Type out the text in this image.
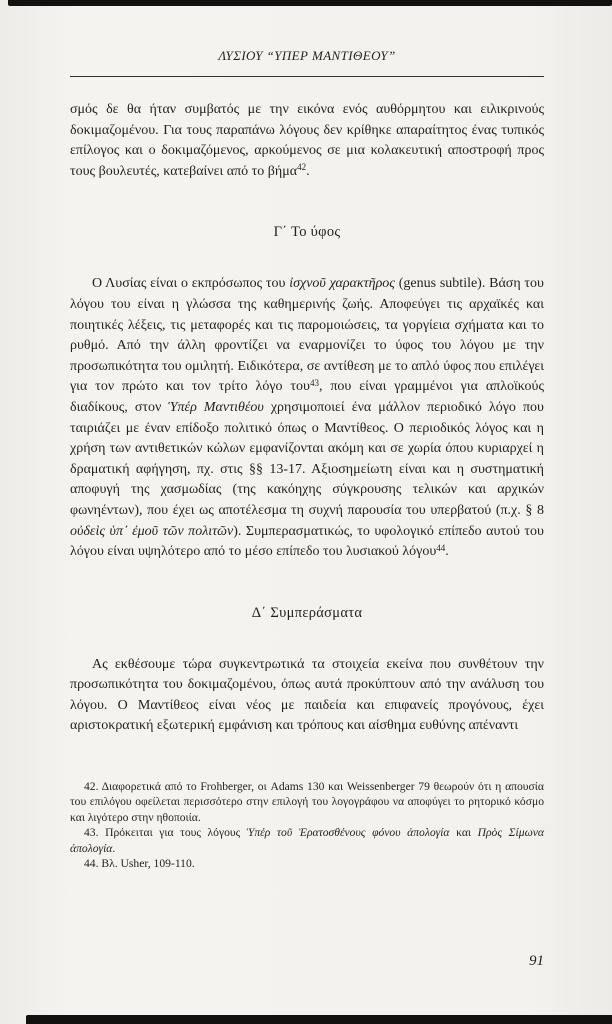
ΛΥΣΙΟΥ “ΥΠΕΡ ΜΑΝΤΙΘΕΟΥ”

σμός δε θα ήταν συμβατός με την εικόνα ενός αυθόρμητου και ειλικρινούς δοκιμαζομένου. Για τους παραπάνω λόγους δεν κρίθηκε απαραίτητος ένας τυπικός επίλογος και ο δοκιμαζόμενος, αρκούμενος σε μια κολακευτική αποστροφή προς τους βουλευτές, κατεβαίνει από το βήμα$^{42}$.

Γ΄ Το ύφος

Ο Λυσίας είναι ο εκπρόσωπος του ἰσχνοῦ χαρακτῆρος (genus subtile). Βάση του λόγου του είναι η γλώσσα της καθημερινής ζωής. Αποφεύγει τις αρχαϊκές και ποιητικές λέξεις, τις μεταφορές και τις παρομοιώσεις, τα γοργίεια σχήματα και το ρυθμό. Από την άλλη φροντίζει να εναρμονίζει το ύφος του λόγου με την προσωπικότητα του ομιλητή. Ειδικότερα, σε αντίθεση με το απλό ύφος που επιλέγει για τον πρώτο και τον τρίτο λόγο του$^{43}$, που είναι γραμμένοι για απλοϊκούς διαδίκους, στον Ὑπέρ Μαντιθέου χρησιμοποιεί ένα μάλλον περιοδικό λόγο που ταιριάζει με έναν επίδοξο πολιτικό όπως ο Μαντίθεος. Ο περιοδικός λόγος και η χρήση των αντιθετικών κώλων εμφανίζονται ακόμη και σε χωρία όπου κυριαρχεί η δραματική αφήγηση, πχ. στις §§ 13-17. Αξιοσημείωτη είναι και η συστηματική αποφυγή της χασμωδίας (της κακόηχης σύγκρουσης τελικών και αρχικών φωνηέντων), που έχει ως αποτέλεσμα τη συχνή παρουσία του υπερβατού (π.χ. § 8 οὐδεὶς ὑπ᾽ ἐμοῦ τῶν πολιτῶν). Συμπερασματικώς, το υφολογικό επίπεδο αυτού του λόγου είναι υψηλότερο από το μέσο επίπεδο του λυσιακού λόγου$^{44}$.

Δ΄ Συμπεράσματα

Ας εκθέσουμε τώρα συγκεντρωτικά τα στοιχεία εκείνα που συνθέτουν την προσωπικότητα του δοκιμαζομένου, όπως αυτά προκύπτουν από την ανάλυση του λόγου. Ο Μαντίθεος είναι νέος με παιδεία και επιφανείς προγόνους, έχει αριστοκρατική εξωτερική εμφάνιση και τρόπους και αίσθημα ευθύνης απέναντι

42. Διαφορετικά από το Frohberger, οι Adams 130 και Weissenberger 79 θεωρούν ότι η απουσία του επιλόγου οφείλεται περισσότερο στην επιλογή του λογογράφου να αποφύγει το ρητορικό κόσμο και λιγότερο στην ηθοποιία.

43. Πρόκειται για τους λόγους Ὑπέρ τοῦ Ἐρατοσθένους φόνου ἀπολογία και Πρὸς Σίμωνα ἀπολογία.

44. Βλ. Usher, 109-110.

91
